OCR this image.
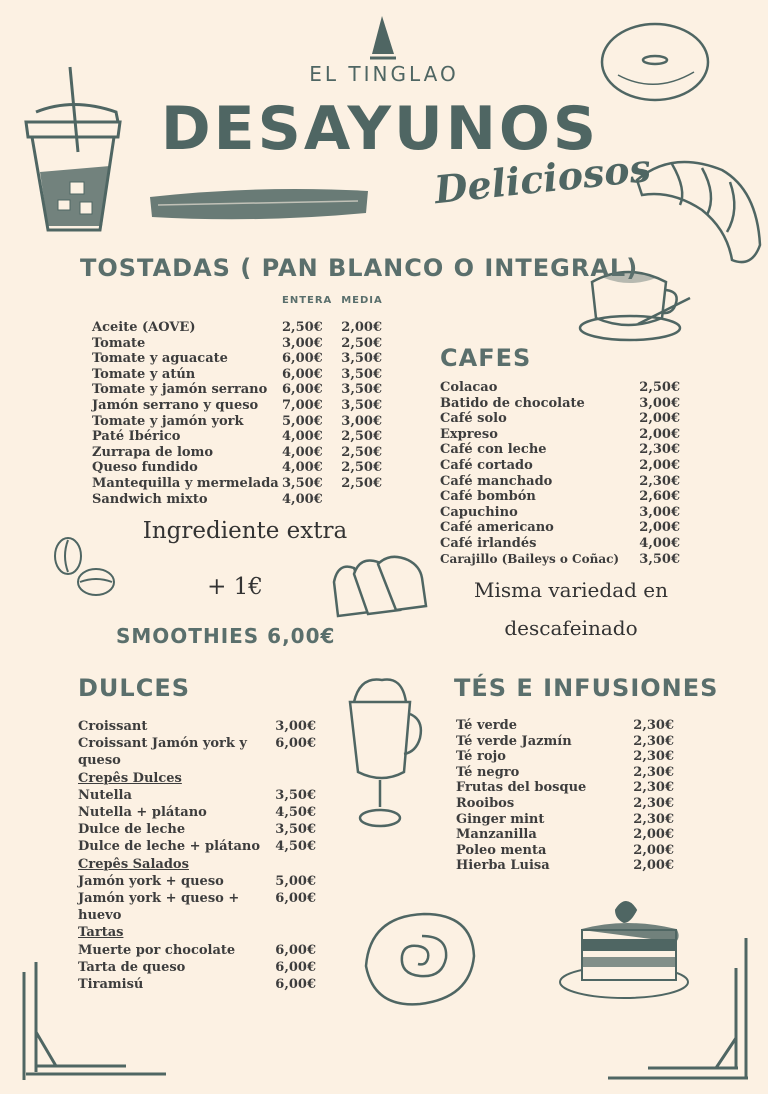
EL TINGLAO
DESAYUNOS
Deliciosos
TOSTADAS ( PAN BLANCO O INTEGRAL)
ENTERA MEDIA
Aceite (AOVE)	2,50€	2,00€
Tomate	3,00€	2,50€
Tomate y aguacate	6,00€	3,50€
Tomate y atún	6,00€	3,50€
Tomate y jamón serrano	6,00€	3,50€
Jamón serrano y queso	7,00€	3,50€
Tomate y jamón york	5,00€	3,00€
Paté Ibérico	4,00€	2,50€
Zurrapa de lomo	4,00€	2,50€
Queso fundido	4,00€	2,50€
Mantequilla y mermelada 3,50€	2,50€
Sandwich mixto	4,00€
Ingrediente extra
+ 1€
SMOOTHIES 6,00€
CAFES
Colacao	2,50€
Batido de chocolate	3,00€
Café solo	2,00€
Expreso	2,00€
Café con leche	2,30€
Café cortado	2,00€
Café manchado	2,30€
Café bombón	2,60€
Capuchino	3,00€
Café americano	2,00€
Café irlandés	4,00€
Carajillo (Baileys o Coñac)	3,50€
Misma variedad en
descafeinado
DULCES
Croissant	3,00€
Croissant Jamón york y	6,00€
queso
Crepês Dulces
Nutella	3,50€
Nutella + plátano	4,50€
Dulce de leche	3,50€
Dulce de leche + plátano	4,50€
Crepês Salados
Jamón york + queso	5,00€
Jamón york + queso +	6,00€
huevo
Tartas
Muerte por chocolate	6,00€
Tarta de queso	6,00€
Tiramisú	6,00€
TÉS E INFUSIONES
Té verde	2,30€
Té verde Jazmín	2,30€
Té rojo	2,30€
Té negro	2,30€
Frutas del bosque	2,30€
Rooibos	2,30€
Ginger mint	2,30€
Manzanilla	2,00€
Poleo menta	2,00€
Hierba Luisa	2,00€
